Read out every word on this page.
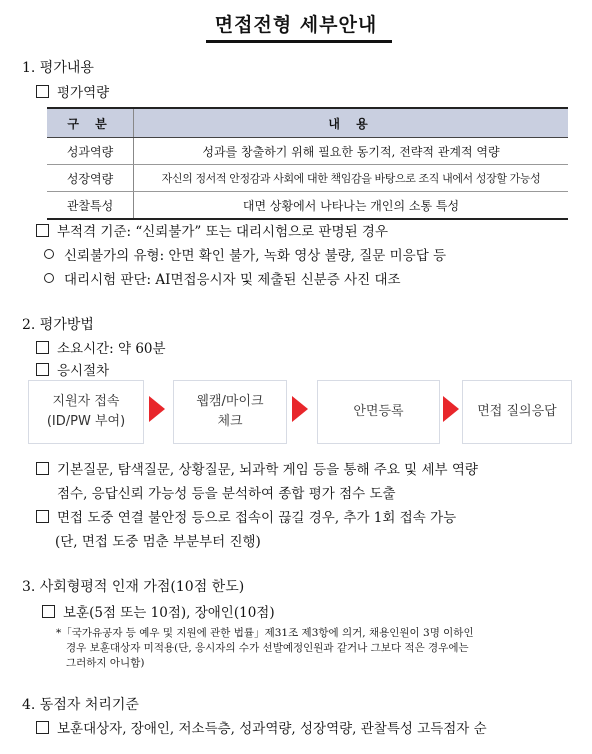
면접전형 세부안내
1. 평가내용
평가역량
구 분	내 용
성과역량	성과를 창출하기 위해 필요한 동기적, 전략적 관계적 역량
성장역량	자신의 정서적 안정감과 사회에 대한 책임감을 바탕으로 조직 내에서 성장할 가능성
관찰특성	대면 상황에서 나타나는 개인의 소통 특성
부적격 기준: “신뢰불가” 또는 대리시험으로 판명된 경우
신뢰불가의 유형: 안면 확인 불가, 녹화 영상 불량, 질문 미응답 등
대리시험 판단: AI면접응시자 및 제출된 신분증 사진 대조
2. 평가방법
소요시간: 약 60분
응시절차
지원자 접속
(ID/PW 부여)
웹캠/마이크
체크
안면등록	면접 질의응답
기본질문, 탐색질문, 상황질문, 뇌과학 게임 등을 통해 주요 및 세부 역량
점수, 응답신뢰 가능성 등을 분석하여 종합 평가 점수 도출
면접 도중 연결 불안정 등으로 접속이 끊길 경우, 추가 1회 접속 가능
(단, 면접 도중 멈춘 부분부터 진행)
3. 사회형평적 인재 가점(10점 한도)
보훈(5점 또는 10점), 장애인(10점)
*「국가유공자 등 예우 및 지원에 관한 법률」제31조 제3항에 의거, 채용인원이 3명 이하인
경우 보훈대상자 미적용(단, 응시자의 수가 선발예정인원과 같거나 그보다 적은 경우에는
그러하지 아니함)
4. 동점자 처리기준
보훈대상자, 장애인, 저소득층, 성과역량, 성장역량, 관찰특성 고득점자 순
